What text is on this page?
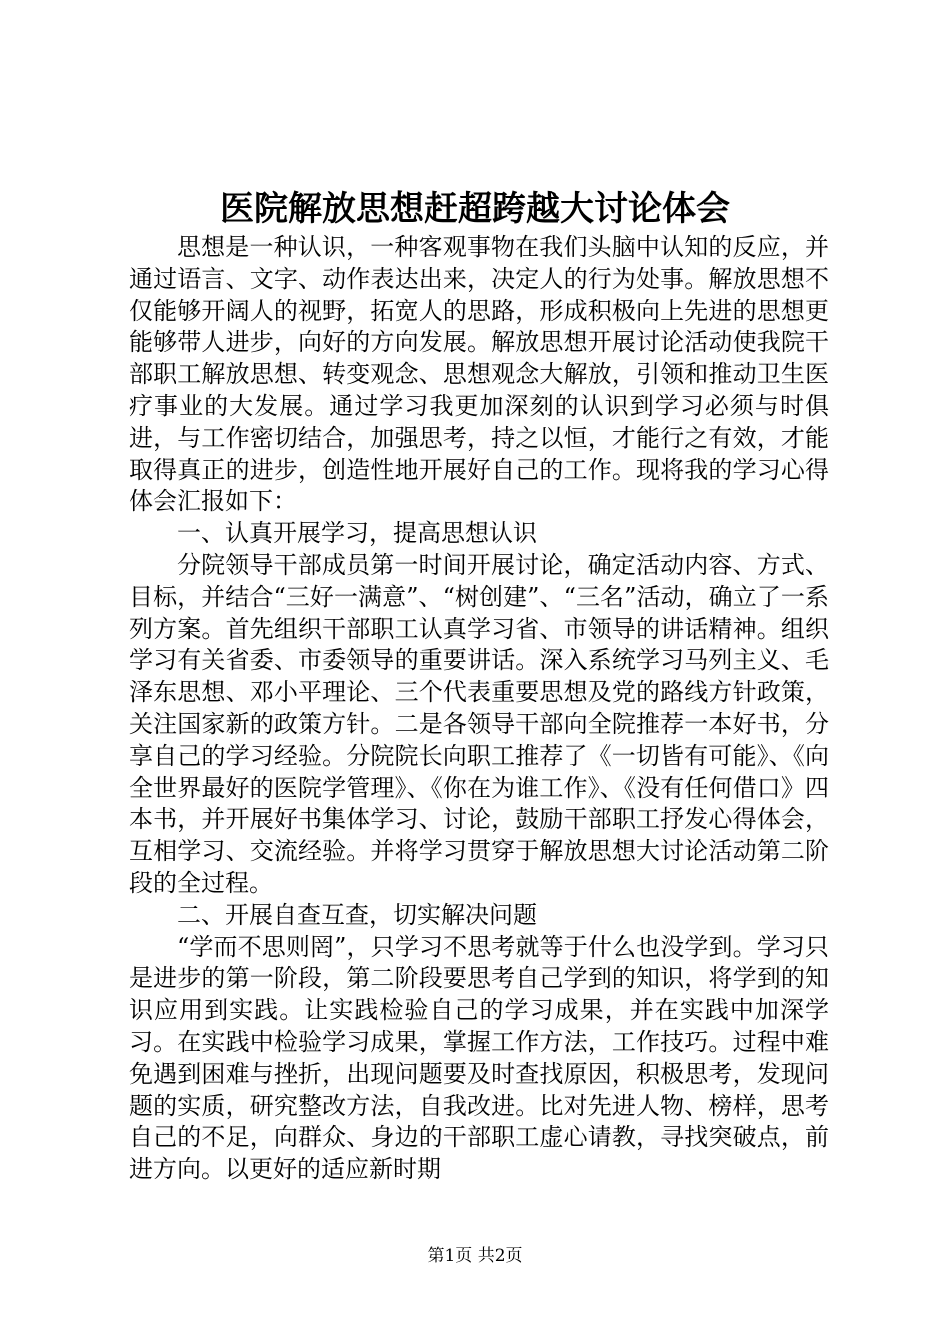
医院解放思想赶超跨越大讨论体会

思想是一种认识，一种客观事物在我们头脑中认知的反应，并通过语言、文字、动作表达出来，决定人的行为处事。解放思想不仅能够开阔人的视野，拓宽人的思路，形成积极向上先进的思想更能够带人进步，向好的方向发展。解放思想开展讨论活动使我院干部职工解放思想、转变观念、思想观念大解放，引领和推动卫生医疗事业的大发展。通过学习我更加深刻的认识到学习必须与时俱进，与工作密切结合，加强思考，持之以恒，才能行之有效，才能取得真正的进步，创造性地开展好自己的工作。现将我的学习心得体会汇报如下：

一、认真开展学习，提高思想认识

分院领导干部成员第一时间开展讨论，确定活动内容、方式、目标，并结合“三好一满意”、“树创建”、“三名”活动，确立了一系列方案。首先组织干部职工认真学习省、市领导的讲话精神。组织学习有关省委、市委领导的重要讲话。深入系统学习马列主义、毛泽东思想、邓小平理论、三个代表重要思想及党的路线方针政策，关注国家新的政策方针。二是各领导干部向全院推荐一本好书，分享自己的学习经验。分院院长向职工推荐了《一切皆有可能》、《向全世界最好的医院学管理》、《你在为谁工作》、《没有任何借口》四本书，并开展好书集体学习、讨论，鼓励干部职工抒发心得体会，互相学习、交流经验。并将学习贯穿于解放思想大讨论活动第二阶段的全过程。

二、开展自查互查，切实解决问题

“学而不思则罔”，只学习不思考就等于什么也没学到。学习只是进步的第一阶段，第二阶段要思考自己学到的知识，将学到的知识应用到实践。让实践检验自己的学习成果，并在实践中加深学习。在实践中检验学习成果，掌握工作方法，工作技巧。过程中难免遇到困难与挫折，出现问题要及时查找原因，积极思考，发现问题的实质，研究整改方法，自我改进。比对先进人物、榜样，思考自己的不足，向群众、身边的干部职工虚心请教，寻找突破点，前进方向。以更好的适应新时期

第1页 共2页
